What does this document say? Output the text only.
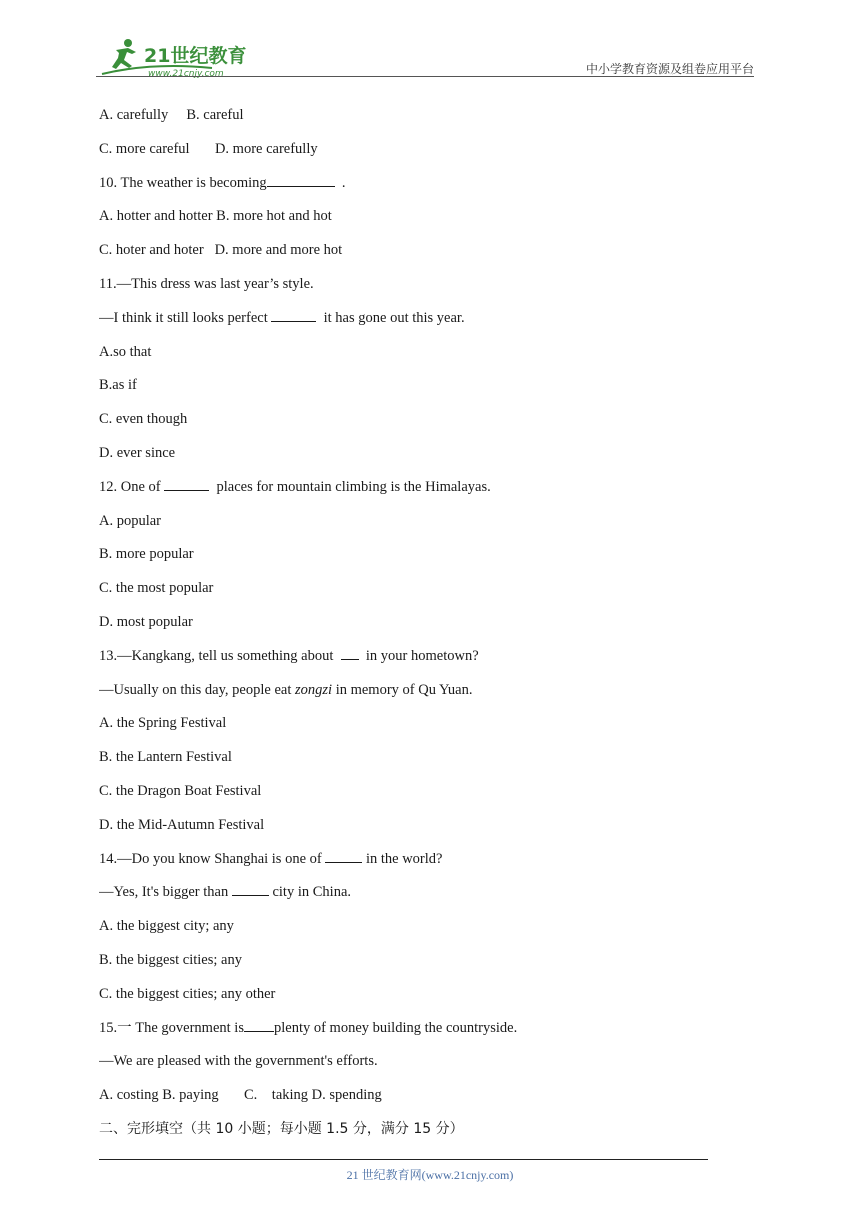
21世纪教育
www.21cnjy.com	中小学教育资源及组卷应用平台
A. carefully     B. careful
C. more careful       D. more carefully
10. The weather is becoming	.
A. hotter and hotter B. more hot and hot
C. hoter and hoter   D. more and more hot
11.—This dress was last year’s style.
—I think it still looks perfect	it has gone out this year.
A.so that
B.as if
C. even though
D. ever since
12. One of	places for mountain climbing is the Himalayas.
A. popular
B. more popular
C. the most popular
D. most popular
13.—Kangkang, tell us something about    in your hometown?
—Usually on this day, people eat zongzi in memory of Qu Yuan.
A. the Spring Festival
B. the Lantern Festival
C. the Dragon Boat Festival
D. the Mid-Autumn Festival
14.—Do you know Shanghai is one of	in the world?
—Yes, It's bigger than	city in China.
A. the biggest city; any
B. the biggest cities; any
C. the biggest cities; any other
15.一 The government is plenty of money building the countryside.
—We are pleased with the government's efforts.
A. costing B. paying       C.    taking D. spending
二、完形填空（共 10 小题；每小题 1.5 分，满分 15 分）
21 世纪教育网(www.21cnjy.com)
